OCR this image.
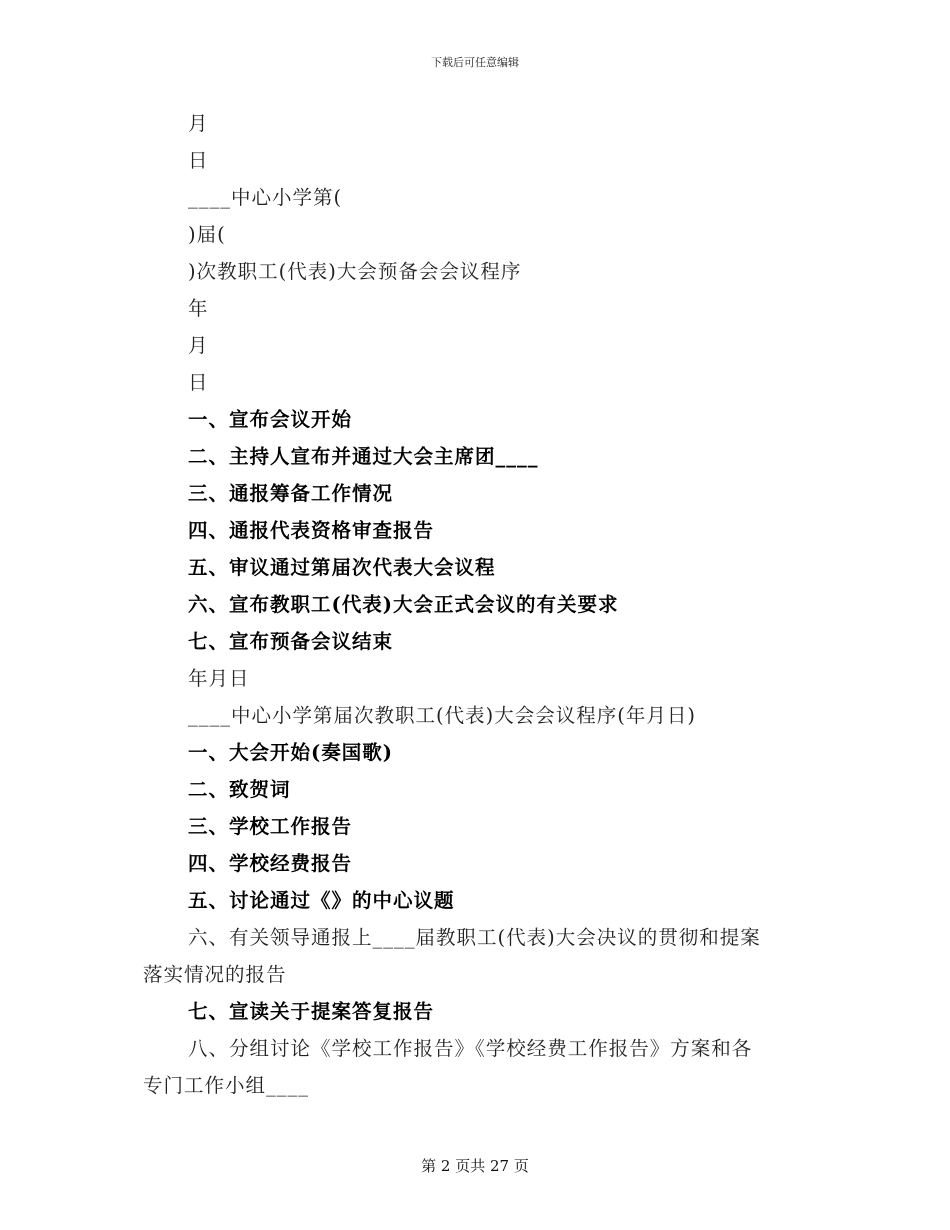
下载后可任意编辑

月

日

____中心小学第(

)届(

)次教职工(代表)大会预备会会议程序

年

月

日

一、宣布会议开始

二、主持人宣布并通过大会主席团____

三、通报筹备工作情况

四、通报代表资格审查报告

五、审议通过第届次代表大会议程

六、宣布教职工(代表)大会正式会议的有关要求

七、宣布预备会议结束

年月日

____中心小学第届次教职工(代表)大会会议程序(年月日)

一、大会开始(奏国歌)

二、致贺词

三、学校工作报告

四、学校经费报告

五、讨论通过《》的中心议题

六、有关领导通报上____届教职工(代表)大会决议的贯彻和提案

落实情况的报告

七、宣读关于提案答复报告

八、分组讨论《学校工作报告》《学校经费工作报告》方案和各

专门工作小组____

第 2 页共 27 页
